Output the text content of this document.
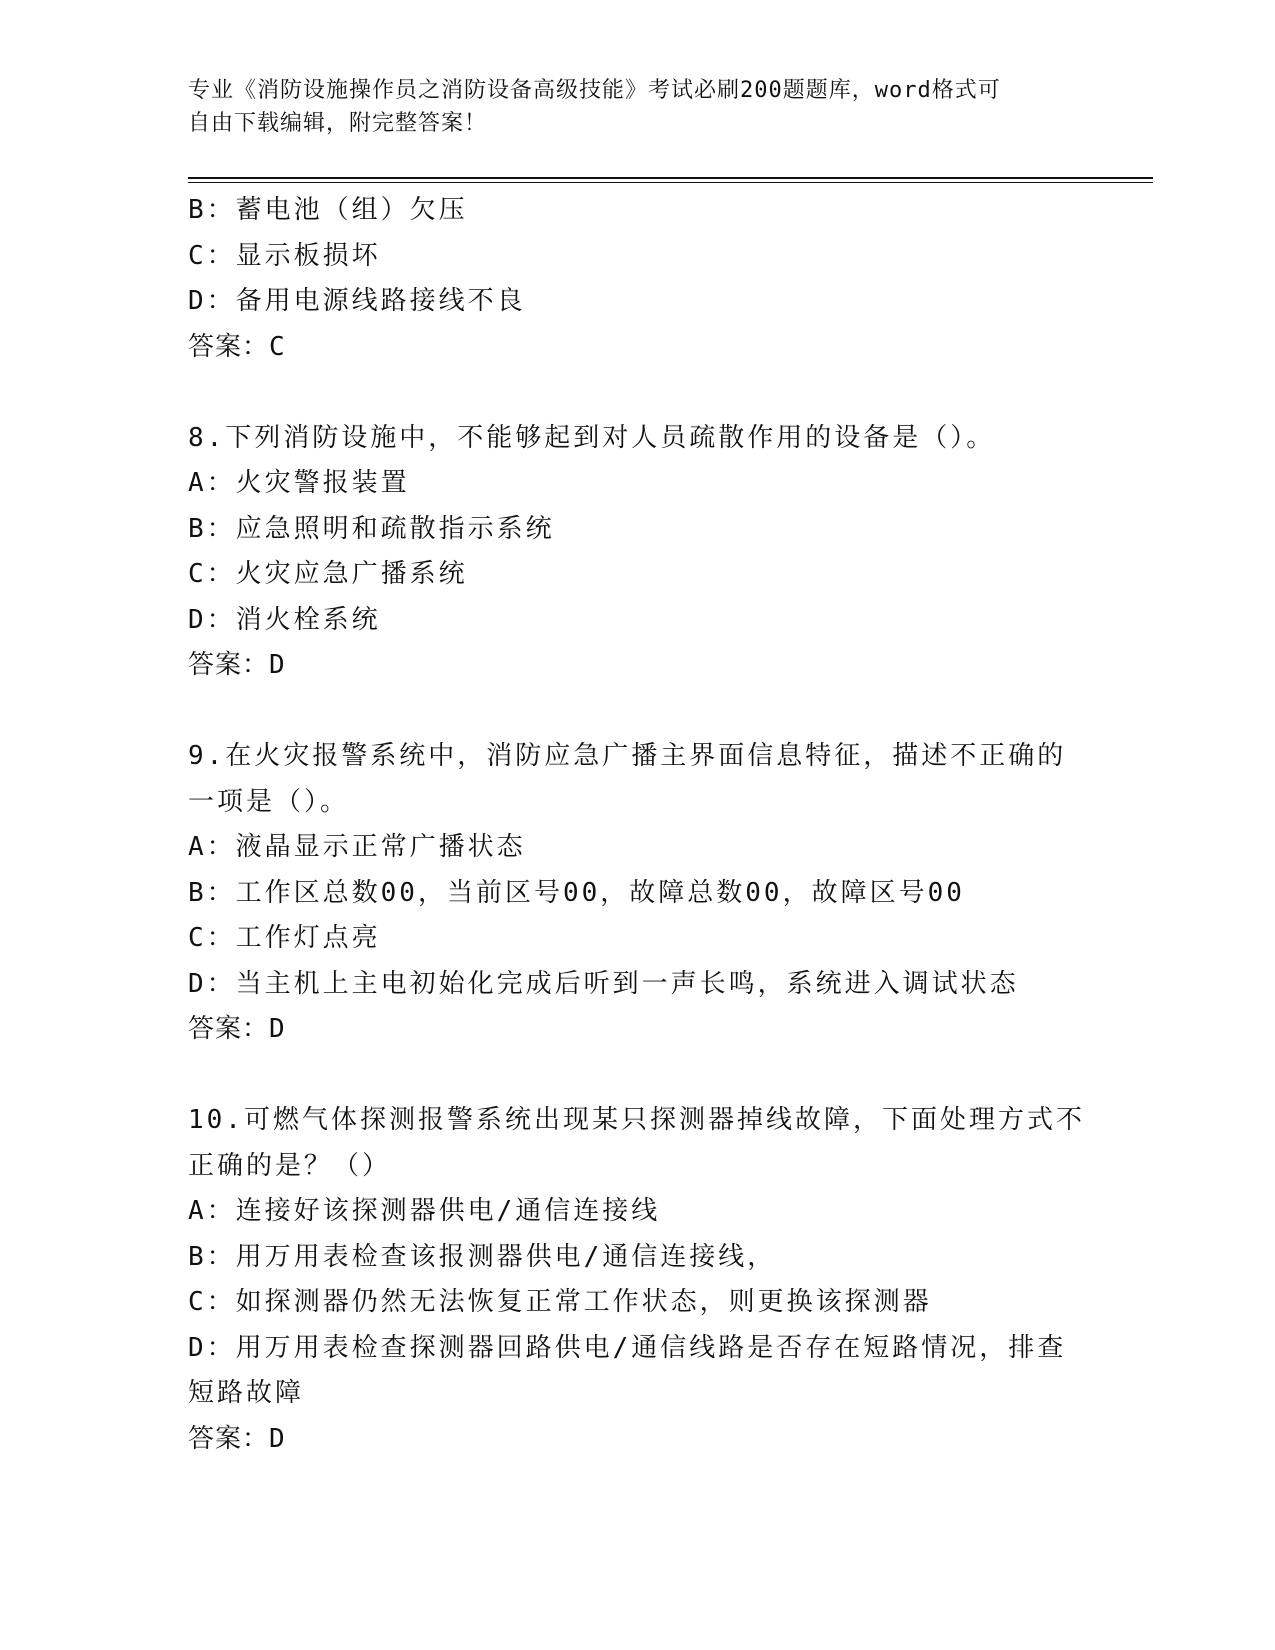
专业《消防设施操作员之消防设备高级技能》考试必刷200题题库，word格式可
自由下载编辑，附完整答案！
B：蓄电池（组）欠压
C：显示板损坏
D：备用电源线路接线不良
答案：C
8.下列消防设施中，不能够起到对人员疏散作用的设备是（）。
A：火灾警报装置
B：应急照明和疏散指示系统
C：火灾应急广播系统
D：消火栓系统
答案：D
9.在火灾报警系统中，消防应急广播主界面信息特征，描述不正确的
一项是（）。
A：液晶显示正常广播状态
B：工作区总数00，当前区号00，故障总数00，故障区号00
C：工作灯点亮
D：当主机上主电初始化完成后听到一声长鸣，系统进入调试状态
答案：D
10.可燃气体探测报警系统出现某只探测器掉线故障，下面处理方式不
正确的是？（）
A：连接好该探测器供电/通信连接线
B：用万用表检查该报测器供电/通信连接线，
C：如探测器仍然无法恢复正常工作状态，则更换该探测器
D：用万用表检查探测器回路供电/通信线路是否存在短路情况，排查
短路故障
答案：D
